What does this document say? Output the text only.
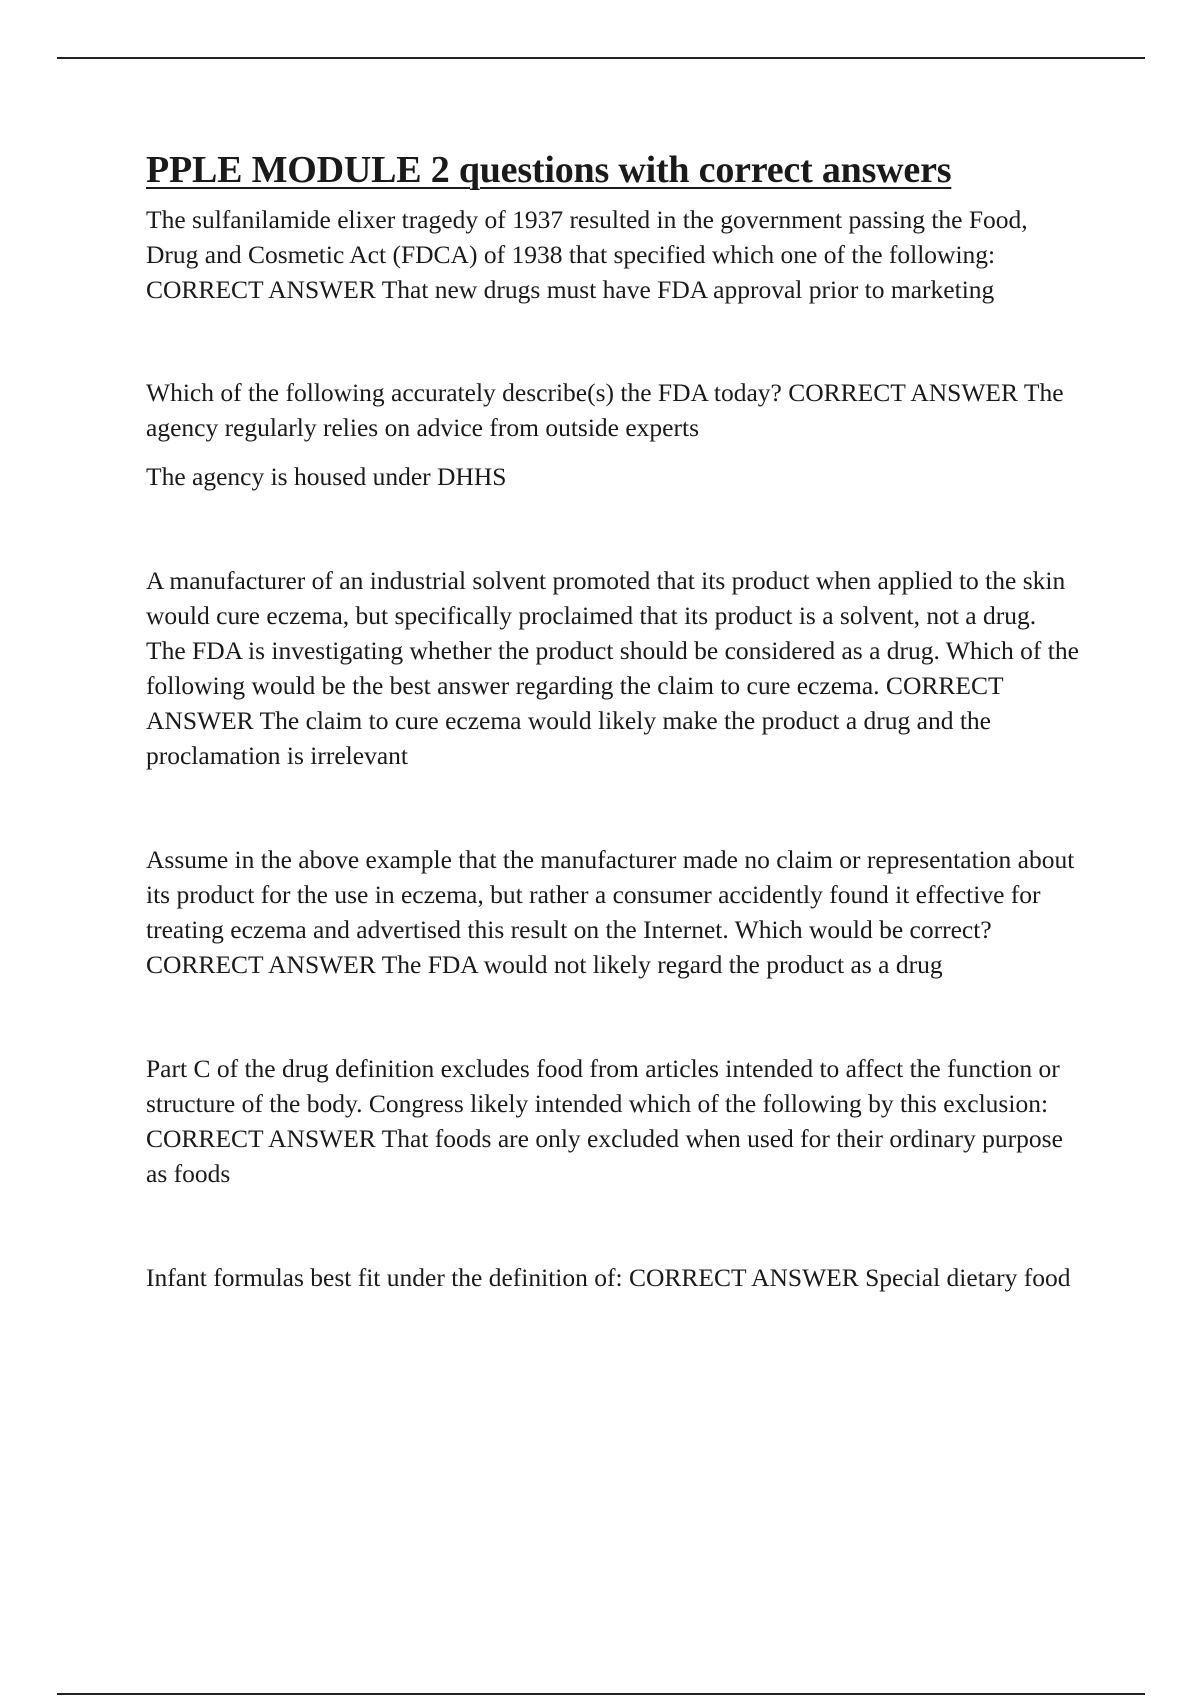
PPLE MODULE 2 questions with correct answers

The sulfanilamide elixer tragedy of 1937 resulted in the government passing the Food, Drug and Cosmetic Act (FDCA) of 1938 that specified which one of the following: CORRECT ANSWER That new drugs must have FDA approval prior to marketing

Which of the following accurately describe(s) the FDA today? CORRECT ANSWER The agency regularly relies on advice from outside experts

The agency is housed under DHHS

A manufacturer of an industrial solvent promoted that its product when applied to the skin would cure eczema, but specifically proclaimed that its product is a solvent, not a drug. The FDA is investigating whether the product should be considered as a drug. Which of the following would be the best answer regarding the claim to cure eczema. CORRECT ANSWER The claim to cure eczema would likely make the product a drug and the proclamation is irrelevant

Assume in the above example that the manufacturer made no claim or representation about its product for the use in eczema, but rather a consumer accidently found it effective for treating eczema and advertised this result on the Internet. Which would be correct? CORRECT ANSWER The FDA would not likely regard the product as a drug

Part C of the drug definition excludes food from articles intended to affect the function or structure of the body. Congress likely intended which of the following by this exclusion: CORRECT ANSWER That foods are only excluded when used for their ordinary purpose as foods

Infant formulas best fit under the definition of: CORRECT ANSWER Special dietary food
